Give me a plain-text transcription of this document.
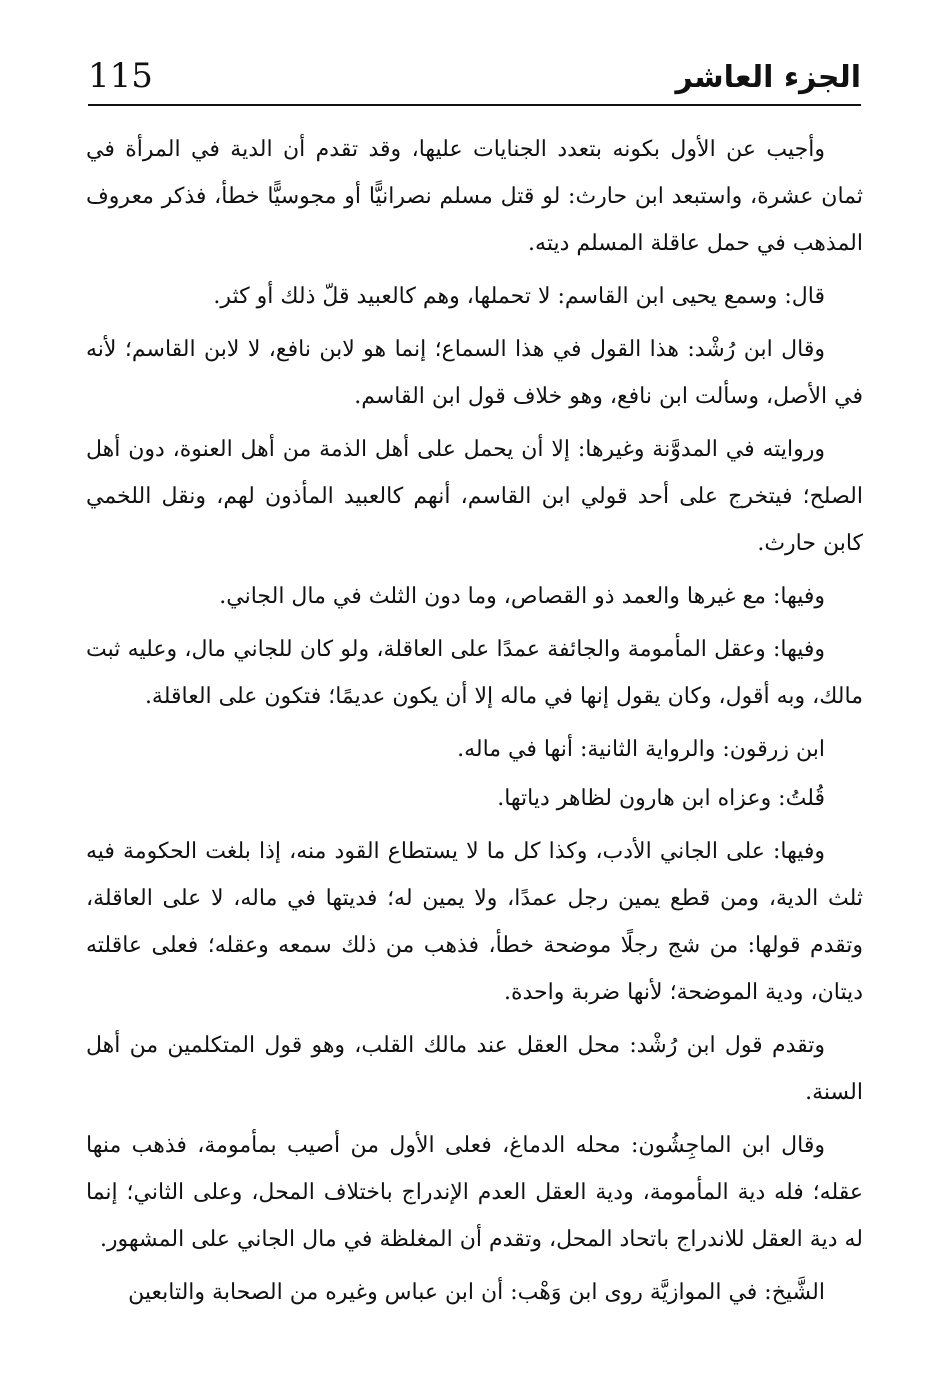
115	الجزء العاشر

وأجيب عن الأول بكونه بتعدد الجنايات عليها، وقد تقدم أن الدية في المرأة في ثمان عشرة، واستبعد ابن حارث: لو قتل مسلم نصرانيًّا أو مجوسيًّا خطأ، فذكر معروف المذهب في حمل عاقلة المسلم ديته.

قال: وسمع يحيى ابن القاسم: لا تحملها، وهم كالعبيد قلّ ذلك أو كثر.

وقال ابن رُشْد: هذا القول في هذا السماع؛ إنما هو لابن نافع، لا لابن القاسم؛ لأنه في الأصل، وسألت ابن نافع، وهو خلاف قول ابن القاسم.

وروايته في المدوَّنة وغيرها: إلا أن يحمل على أهل الذمة من أهل العنوة، دون أهل الصلح؛ فيتخرج على أحد قولي ابن القاسم، أنهم كالعبيد المأذون لهم، ونقل اللخمي كابن حارث.

وفيها: مع غيرها والعمد ذو القصاص، وما دون الثلث في مال الجاني.

وفيها: وعقل المأمومة والجائفة عمدًا على العاقلة، ولو كان للجاني مال، وعليه ثبت مالك، وبه أقول، وكان يقول إنها في ماله إلا أن يكون عديمًا؛ فتكون على العاقلة.

ابن زرقون: والرواية الثانية: أنها في ماله.

قُلتُ: وعزاه ابن هارون لظاهر دياتها.

وفيها: على الجاني الأدب، وكذا كل ما لا يستطاع القود منه، إذا بلغت الحكومة فيه ثلث الدية، ومن قطع يمين رجل عمدًا، ولا يمين له؛ فديتها في ماله، لا على العاقلة، وتقدم قولها: من شج رجلًا موضحة خطأ، فذهب من ذلك سمعه وعقله؛ فعلى عاقلته ديتان، ودية الموضحة؛ لأنها ضربة واحدة.

وتقدم قول ابن رُشْد: محل العقل عند مالك القلب، وهو قول المتكلمين من أهل السنة.

وقال ابن الماجِشُون: محله الدماغ، فعلى الأول من أصيب بمأمومة، فذهب منها عقله؛ فله دية المأمومة، ودية العقل العدم الإندراج باختلاف المحل، وعلى الثاني؛ إنما له دية العقل للاندراج باتحاد المحل، وتقدم أن المغلظة في مال الجاني على المشهور.

الشَّيخ: في الموازيَّة روى ابن وَهْب: أن ابن عباس وغيره من الصحابة والتابعين
